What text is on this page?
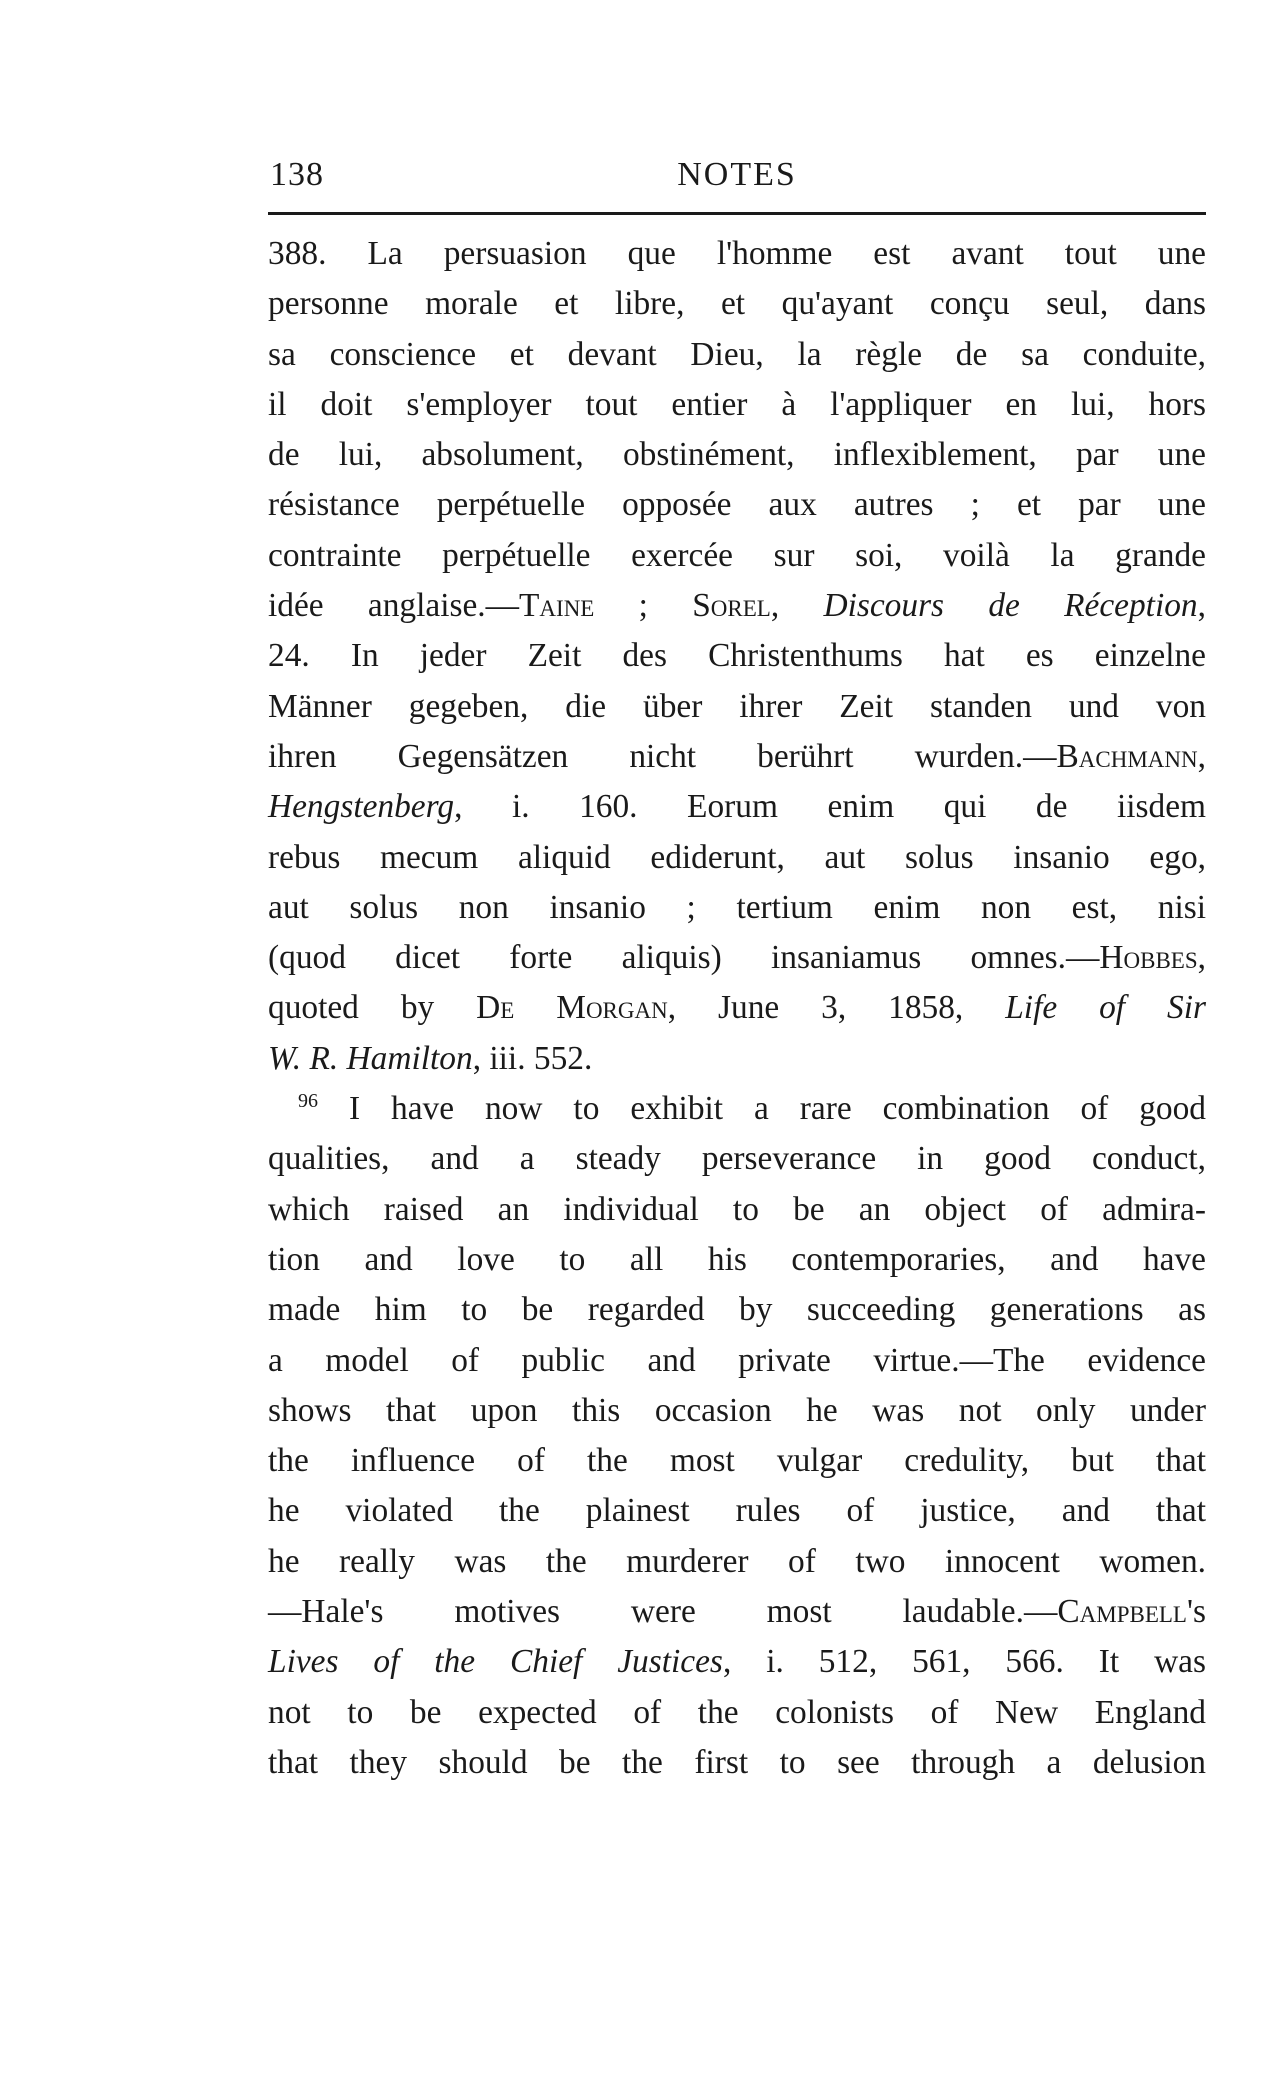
138	NOTES
388. La persuasion que l'homme est avant tout une
personne morale et libre, et qu'ayant conçu seul, dans
sa conscience et devant Dieu, la règle de sa conduite,
il doit s'employer tout entier à l'appliquer en lui, hors
de lui, absolument, obstinément, inflexiblement, par une
résistance perpétuelle opposée aux autres ; et par une
contrainte perpétuelle exercée sur soi, voilà la grande
idée anglaise.—Taine ; Sorel, Discours de Réception,
24. In jeder Zeit des Christenthums hat es einzelne
Männer gegeben, die über ihrer Zeit standen und von
ihren Gegensätzen nicht berührt wurden.—Bachmann,
Hengstenberg, i. 160. Eorum enim qui de iisdem
rebus mecum aliquid ediderunt, aut solus insanio ego,
aut solus non insanio ; tertium enim non est, nisi
(quod dicet forte aliquis) insaniamus omnes.—Hobbes,
quoted by De Morgan, June 3, 1858, Life of Sir
W. R. Hamilton, iii. 552.
$^{96}$ I have now to exhibit a rare combination of good
qualities, and a steady perseverance in good conduct,
which raised an individual to be an object of admira-
tion and love to all his contemporaries, and have
made him to be regarded by succeeding generations as
a model of public and private virtue.—The evidence
shows that upon this occasion he was not only under
the influence of the most vulgar credulity, but that
he violated the plainest rules of justice, and that
he really was the murderer of two innocent women.
—Hale's motives were most laudable.—Campbell's
Lives of the Chief Justices, i. 512, 561, 566. It was
not to be expected of the colonists of New England
that they should be the first to see through a delusion
